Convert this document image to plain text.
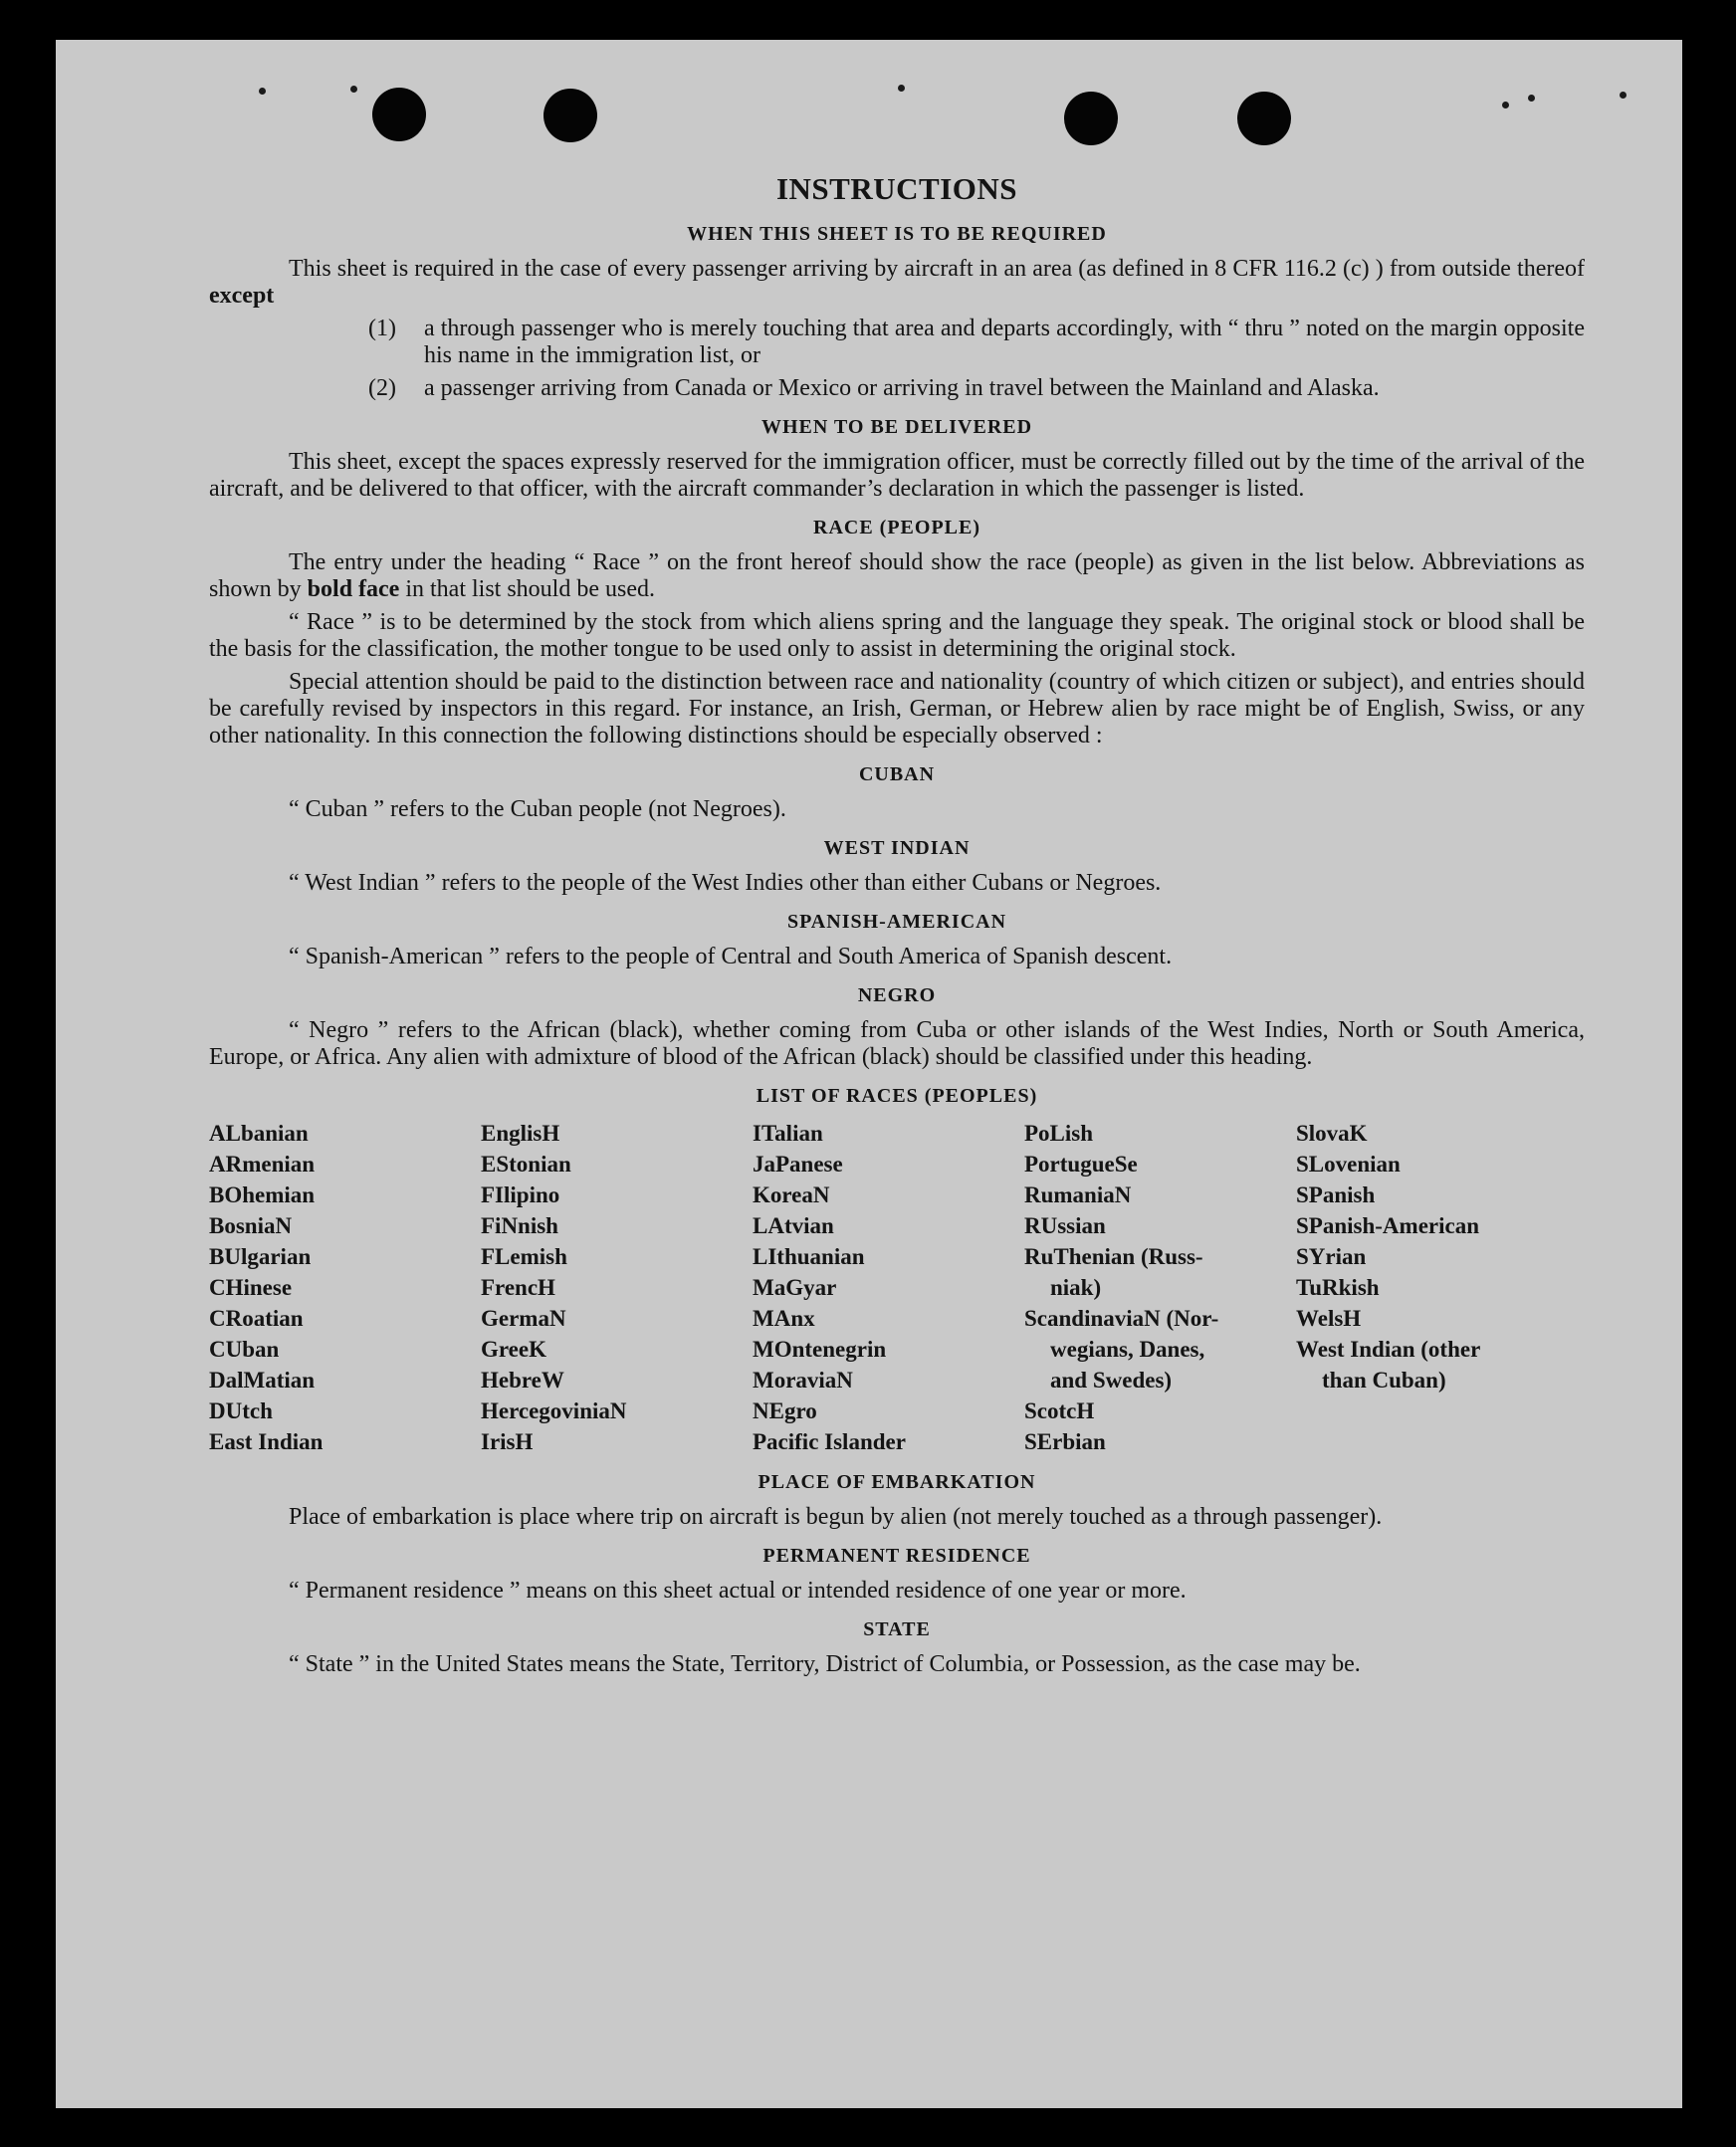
INSTRUCTIONS
WHEN THIS SHEET IS TO BE REQUIRED

This sheet is required in the case of every passenger arriving by aircraft in an area (as defined in 8 CFR 116.2 (c) ) from outside thereof except

(1) a through passenger who is merely touching that area and departs accordingly, with “ thru ” noted on the margin opposite his name in the immigration list, or
(2) a passenger arriving from Canada or Mexico or arriving in travel between the Mainland and Alaska.
WHEN TO BE DELIVERED

This sheet, except the spaces expressly reserved for the immigration officer, must be correctly filled out by the time of the arrival of the aircraft, and be delivered to that officer, with the aircraft commander’s declaration in which the passenger is listed.

RACE (PEOPLE)

The entry under the heading “ Race ” on the front hereof should show the race (people) as given in the list below. Abbreviations as shown by bold face in that list should be used.

“ Race ” is to be determined by the stock from which aliens spring and the language they speak. The original stock or blood shall be the basis for the classification, the mother tongue to be used only to assist in determining the original stock.

Special attention should be paid to the distinction between race and nationality (country of which citizen or subject), and entries should be carefully revised by inspectors in this regard. For instance, an Irish, German, or Hebrew alien by race might be of English, Swiss, or any other nationality. In this connection the following distinctions should be especially observed :

CUBAN

“ Cuban ” refers to the Cuban people (not Negroes).

WEST INDIAN

“ West Indian ” refers to the people of the West Indies other than either Cubans or Negroes.

SPANISH-AMERICAN

“ Spanish-American ” refers to the people of Central and South America of Spanish descent.

NEGRO

“ Negro ” refers to the African (black), whether coming from Cuba or other islands of the West Indies, North or South America, Europe, or Africa. Any alien with admixture of blood of the African (black) should be classified under this heading.

LIST OF RACES (PEOPLES)
ALbanian
ARmenian
BOhemian
BosniaN
BUlgarian
CHinese
CRoatian
CUban
DalMatian
DUtch
East Indian
EnglisH
EStonian
FIlipino
FiNnish
FLemish
FrencH
GermaN
GreeK
HebreW
HercegoviniaN
IrisH
ITalian
JaPanese
KoreaN
LAtvian
LIthuanian
MaGyar
MAnx
MOntenegrin
MoraviaN
NEgro
Pacific Islander
PoLish
PortugueSe
RumaniaN
RUssian
RuThenian (Russ-
niak)
ScandinaviaN (Nor-
wegians, Danes,
and Swedes)
ScotcH
SErbian
SlovaK
SLovenian
SPanish
SPanish-American
SYrian
TuRkish
WelsH
West Indian (other
than Cuban)

PLACE OF EMBARKATION

Place of embarkation is place where trip on aircraft is begun by alien (not merely touched as a through passenger).

PERMANENT RESIDENCE

“ Permanent residence ” means on this sheet actual or intended residence of one year or more.

STATE

“ State ” in the United States means the State, Territory, District of Columbia, or Possession, as the case may be.
